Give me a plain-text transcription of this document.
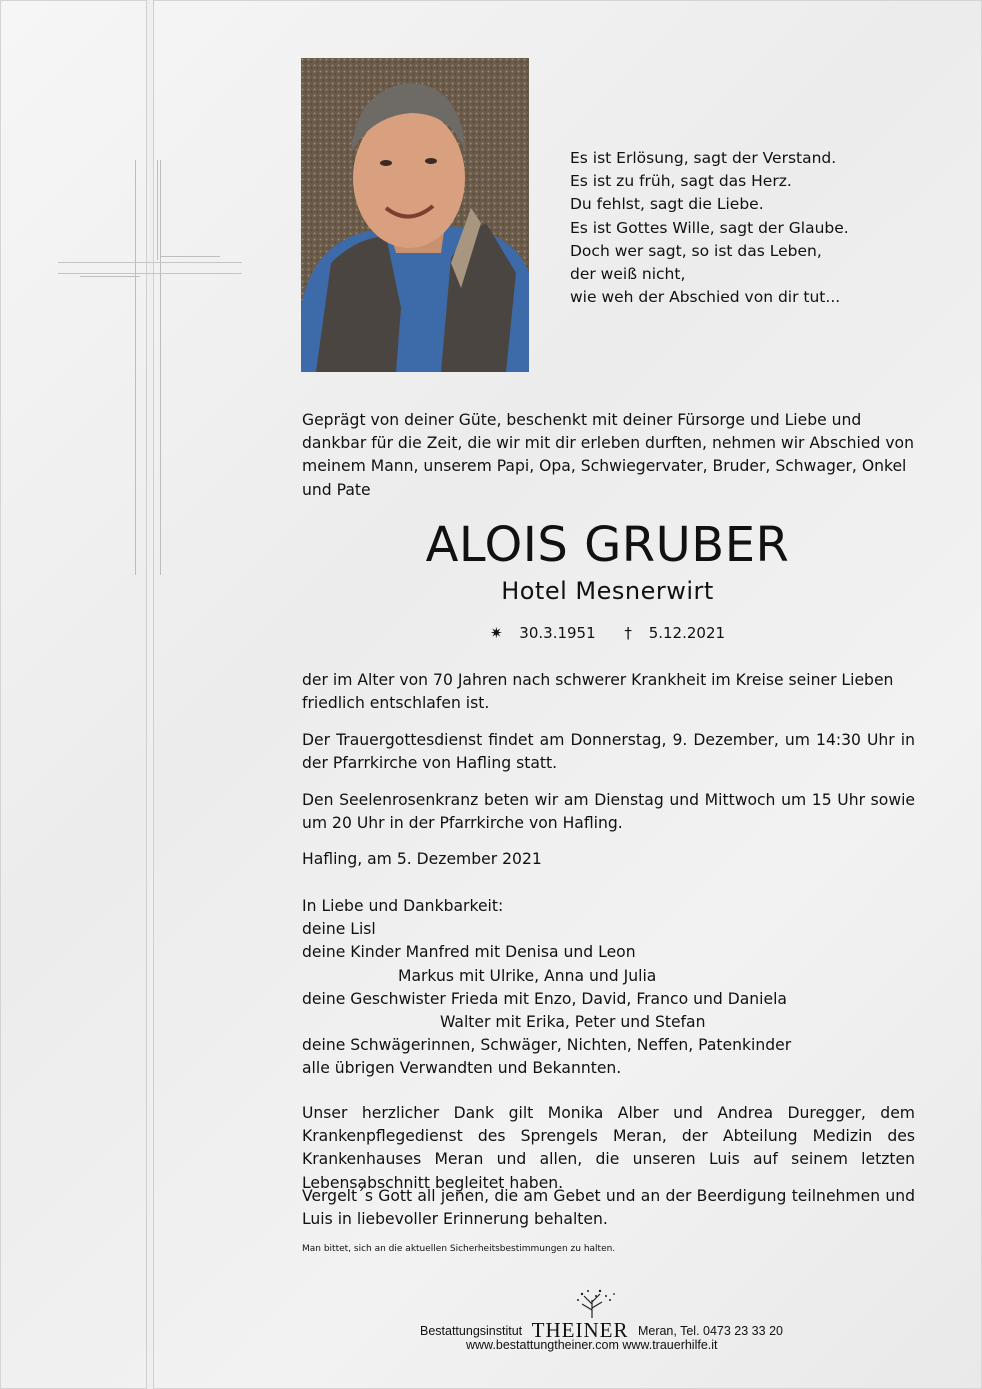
Es ist Erlösung, sagt der Verstand.
Es ist zu früh, sagt das Herz.
Du fehlst, sagt die Liebe.
Es ist Gottes Wille, sagt der Glaube.
Doch wer sagt, so ist das Leben,
der weiß nicht,
wie weh der Abschied von dir tut...
Geprägt von deiner Güte, beschenkt mit deiner Fürsorge und Liebe und dankbar für die Zeit, die wir mit dir erleben durften, nehmen wir Abschied von meinem Mann, unserem Papi, Opa, Schwiegervater, Bruder, Schwager, Onkel und Pate
ALOIS GRUBER
Hotel Mesnerwirt
✷ 30.3.1951 † 5.12.2021
der im Alter von 70 Jahren nach schwerer Krankheit im Kreise seiner Lieben friedlich entschlafen ist.
Der Trauergottesdienst findet am Donnerstag, 9. Dezember, um 14:30 Uhr in der Pfarrkirche von Hafling statt.
Den Seelenrosenkranz beten wir am Dienstag und Mittwoch um 15 Uhr sowie um 20 Uhr in der Pfarrkirche von Hafling.
Hafling, am 5. Dezember 2021
In Liebe und Dankbarkeit:
deine Lisl
deine Kinder Manfred mit Denisa und Leon
Markus mit Ulrike, Anna und Julia
deine Geschwister Frieda mit Enzo, David, Franco und Daniela
Walter mit Erika, Peter und Stefan
deine Schwägerinnen, Schwäger, Nichten, Neffen, Patenkinder
alle übrigen Verwandten und Bekannten.
Unser herzlicher Dank gilt Monika Alber und Andrea Duregger, dem Krankenpflegedienst des Sprengels Meran, der Abteilung Medizin des Krankenhauses Meran und allen, die unseren Luis auf seinem letzten Lebensabschnitt begleitet haben.
Vergelt´s Gott all jenen, die am Gebet und an der Beerdigung teilnehmen und Luis in liebevoller Erinnerung behalten.
Man bittet, sich an die aktuellen Sicherheitsbestimmungen zu halten.
Bestattungsinstitut THEINER Meran, Tel. 0473 23 33 20
www.bestattungtheiner.com www.trauerhilfe.it
